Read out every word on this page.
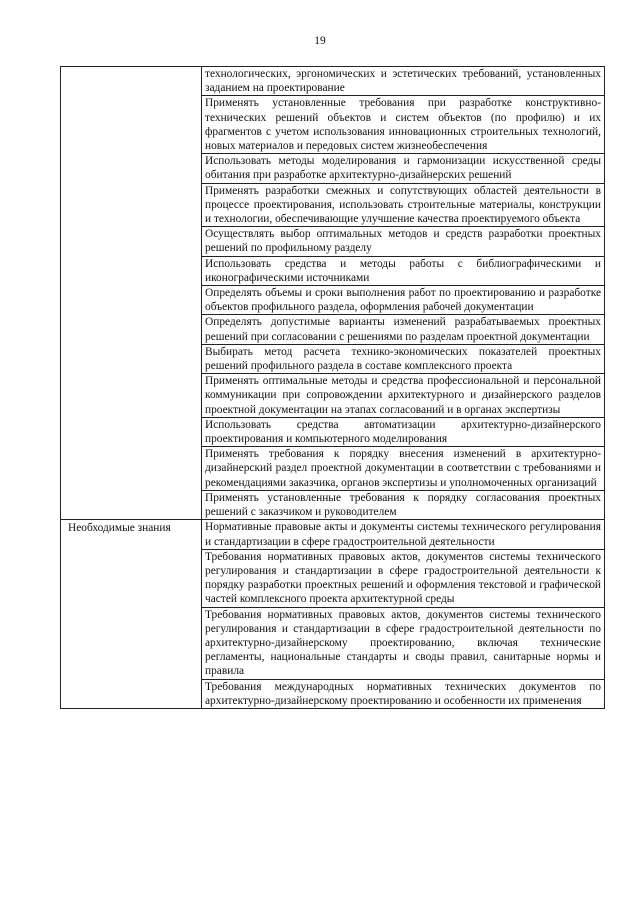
19
	технологических, эргономических и эстетических требований, установленных заданием на проектирование
	Применять установленные требования при разработке конструктивно-технических решений объектов и систем объектов (по профилю) и их фрагментов с учетом использования инновационных строительных технологий, новых материалов и передовых систем жизнеобеспечения
	Использовать методы моделирования и гармонизации искусственной среды обитания при разработке архитектурно-дизайнерских решений
	Применять разработки смежных и сопутствующих областей деятельности в процессе проектирования, использовать строительные материалы, конструкции и технологии, обеспечивающие улучшение качества проектируемого объекта
	Осуществлять выбор оптимальных методов и средств разработки проектных решений по профильному разделу
	Использовать средства и методы работы с библиографическими и иконографическими источниками
	Определять объемы и сроки выполнения работ по проектированию и разработке объектов профильного раздела, оформления рабочей документации
	Определять допустимые варианты изменений разрабатываемых проектных решений при согласовании с решениями по разделам проектной документации
	Выбирать метод расчета технико-экономических показателей проектных решений профильного раздела в составе комплексного проекта
	Применять оптимальные методы и средства профессиональной и персональной коммуникации при сопровождении архитектурного и дизайнерского разделов проектной документации на этапах согласований и в органах экспертизы
	Использовать средства автоматизации архитектурно-дизайнерского проектирования и компьютерного моделирования
	Применять требования к порядку внесения изменений в архитектурно-дизайнерский раздел проектной документации в соответствии с требованиями и рекомендациями заказчика, органов экспертизы и уполномоченных организаций
	Применять установленные требования к порядку согласования проектных решений с заказчиком и руководителем
Необходимые знания	Нормативные правовые акты и документы системы технического регулирования и стандартизации в сфере градостроительной деятельности
	Требования нормативных правовых актов, документов системы технического регулирования и стандартизации в сфере градостроительной деятельности к порядку разработки проектных решений и оформления текстовой и графической частей комплексного проекта архитектурной среды
	Требования нормативных правовых актов, документов системы технического регулирования и стандартизации в сфере градостроительной деятельности по архитектурно-дизайнерскому проектированию, включая технические регламенты, национальные стандарты и своды правил, санитарные нормы и правила
	Требования международных нормативных технических документов по архитектурно-дизайнерскому проектированию и особенности их применения
